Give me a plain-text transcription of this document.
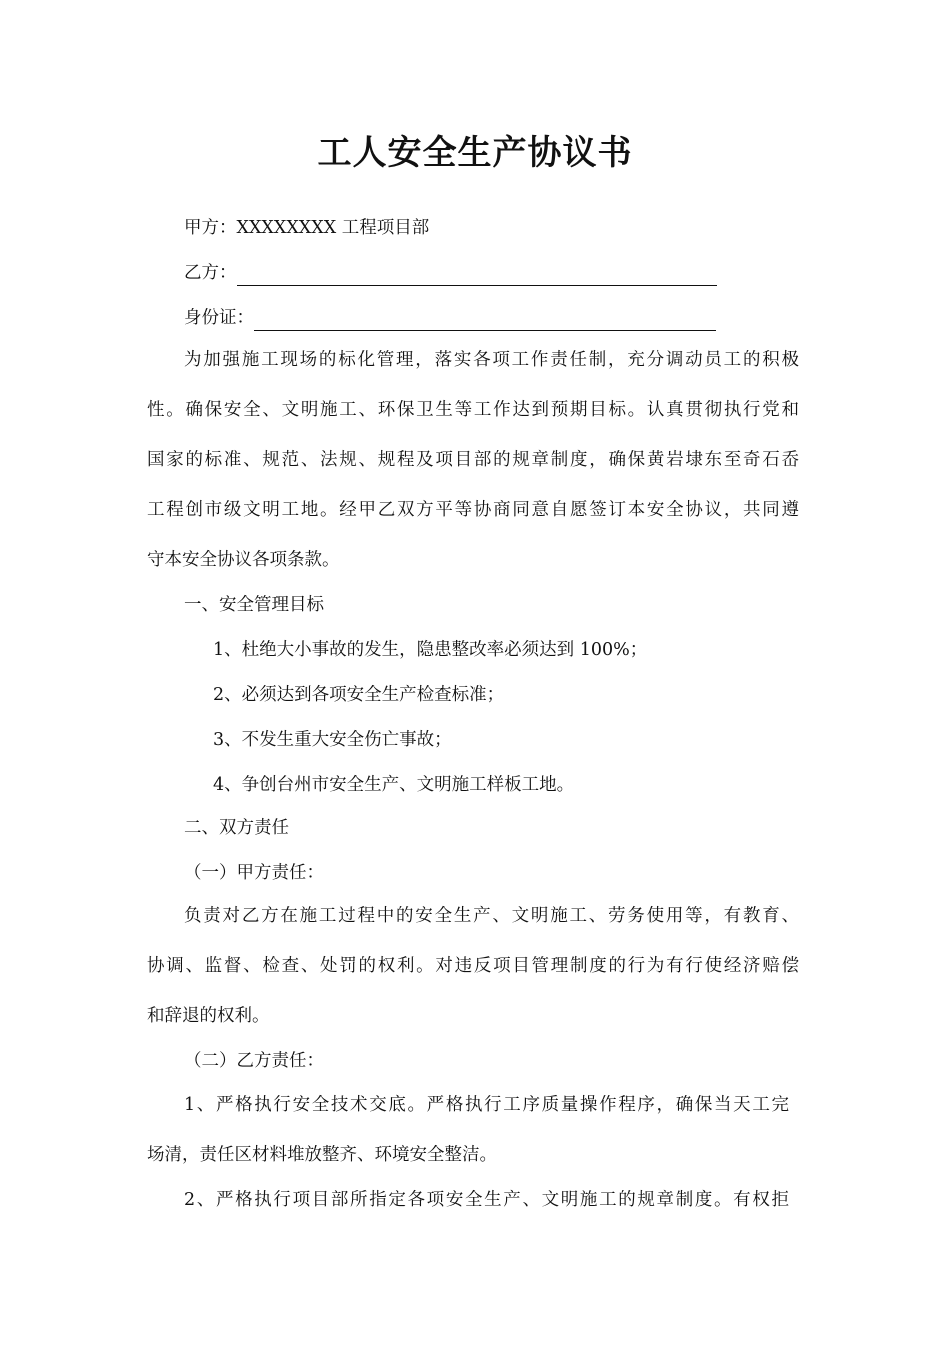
工人安全生产协议书
甲方：XXXXXXXX 工程项目部
乙方：
身份证：
为加强施工现场的标化管理，落实各项工作责任制，充分调动员工的积极
性。确保安全、文明施工、环保卫生等工作达到预期目标。认真贯彻执行党和
国家的标准、规范、法规、规程及项目部的规章制度，确保黄岩埭东至奇石岙
工程创市级文明工地。经甲乙双方平等协商同意自愿签订本安全协议，共同遵
守本安全协议各项条款。
一、安全管理目标
1、杜绝大小事故的发生，隐患整改率必须达到 100%；
2、必须达到各项安全生产检查标准；
3、不发生重大安全伤亡事故；
4、争创台州市安全生产、文明施工样板工地。
二、双方责任
（一）甲方责任：
负责对乙方在施工过程中的安全生产、文明施工、劳务使用等，有教育、
协调、监督、检查、处罚的权利。对违反项目管理制度的行为有行使经济赔偿
和辞退的权利。
（二）乙方责任：
1、严格执行安全技术交底。严格执行工序质量操作程序，确保当天工完
场清，责任区材料堆放整齐、环境安全整洁。
2、严格执行项目部所指定各项安全生产、文明施工的规章制度。有权拒
